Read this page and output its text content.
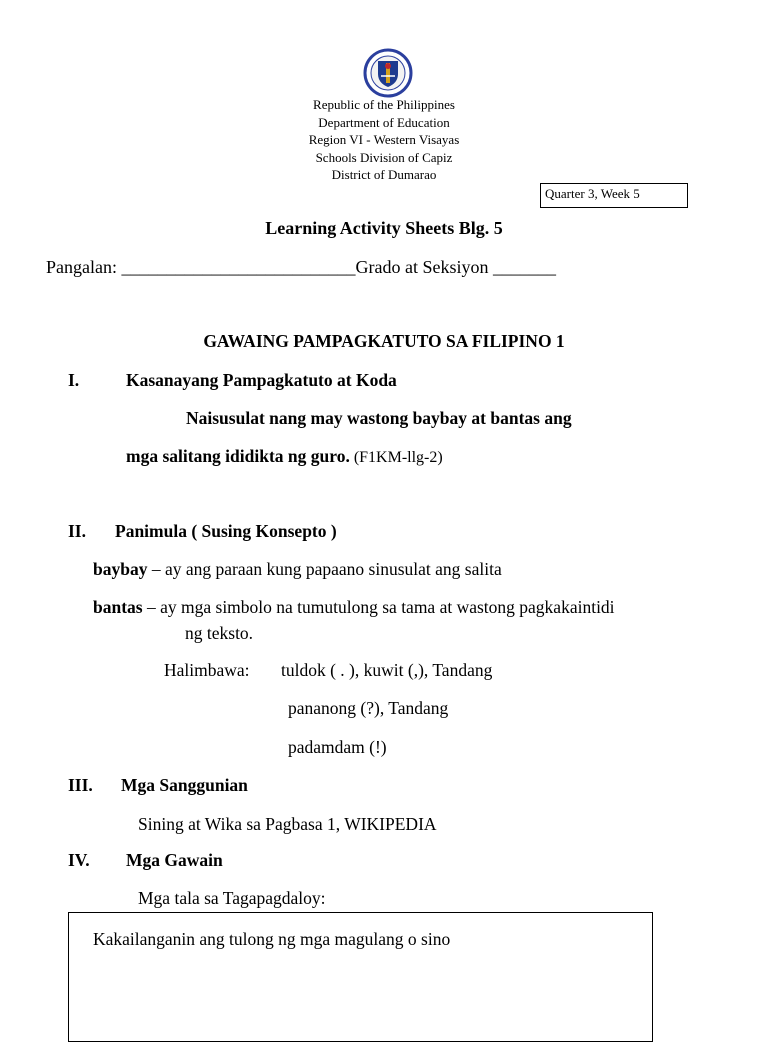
Republic of the Philippines
Department of Education
Region VI - Western Visayas
Schools Division of Capiz
District of Dumarao
Quarter 3, Week 5
Learning Activity Sheets Blg. 5
Pangalan: __________________________Grado at Seksiyon _______
GAWAING PAMPAGKATUTO SA FILIPINO 1
I.	Kasanayang Pampagkatuto at Koda
Naisusulat nang may wastong baybay at bantas ang
mga salitang ididikta ng guro. (F1KM-llg-2)
II. Panimula ( Susing Konsepto )
baybay – ay ang paraan kung papaano sinusulat ang salita
bantas – ay mga simbolo na tumutulong sa tama at wastong pagkakaintidi
ng teksto.
Halimbawa: tuldok ( . ), kuwit (,), Tandang
pananong (?), Tandang
padamdam (!)
III. Mga Sanggunian
Sining at Wika sa Pagbasa 1, WIKIPEDIA
IV. Mga Gawain
Mga tala sa Tagapagdaloy:
Kakailanganin ang tulong ng mga magulang o sino
